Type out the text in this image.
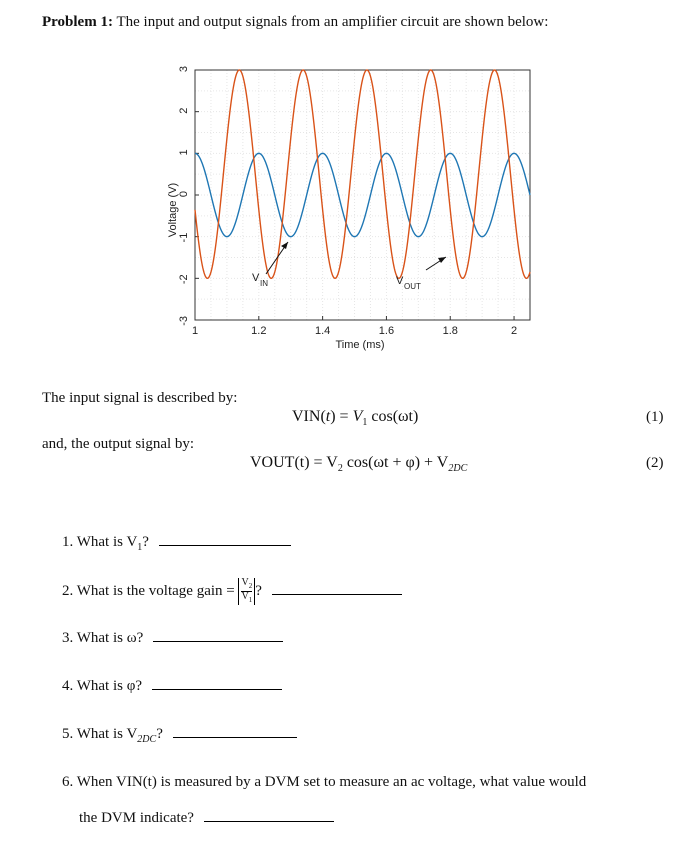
Problem 1: The input and output signals from an amplifier circuit are shown below:
3
2
1
0
-1
-2
-3
1	1.2	1.4	1.6	1.8	2
Voltage (V)
Time (ms)
V IN	V OUT
The input signal is described by:
$VIN(t) = V_1$ cos(ωt)	(1)
and, the output signal by:
VOUT(t) = $V_2$ $\cos(\omega t + \varphi) + V_{2DC}$	(2)
1. What is $V_1$?
2. What is the voltage gain = $\frac{V_2}{V_1}$ ?
3. What is ω?
4. What is φ?
5. What is $V_{2DC}$?
6. When VIN(t) is measured by a DVM set to measure an ac voltage, what value would
the DVM indicate?
